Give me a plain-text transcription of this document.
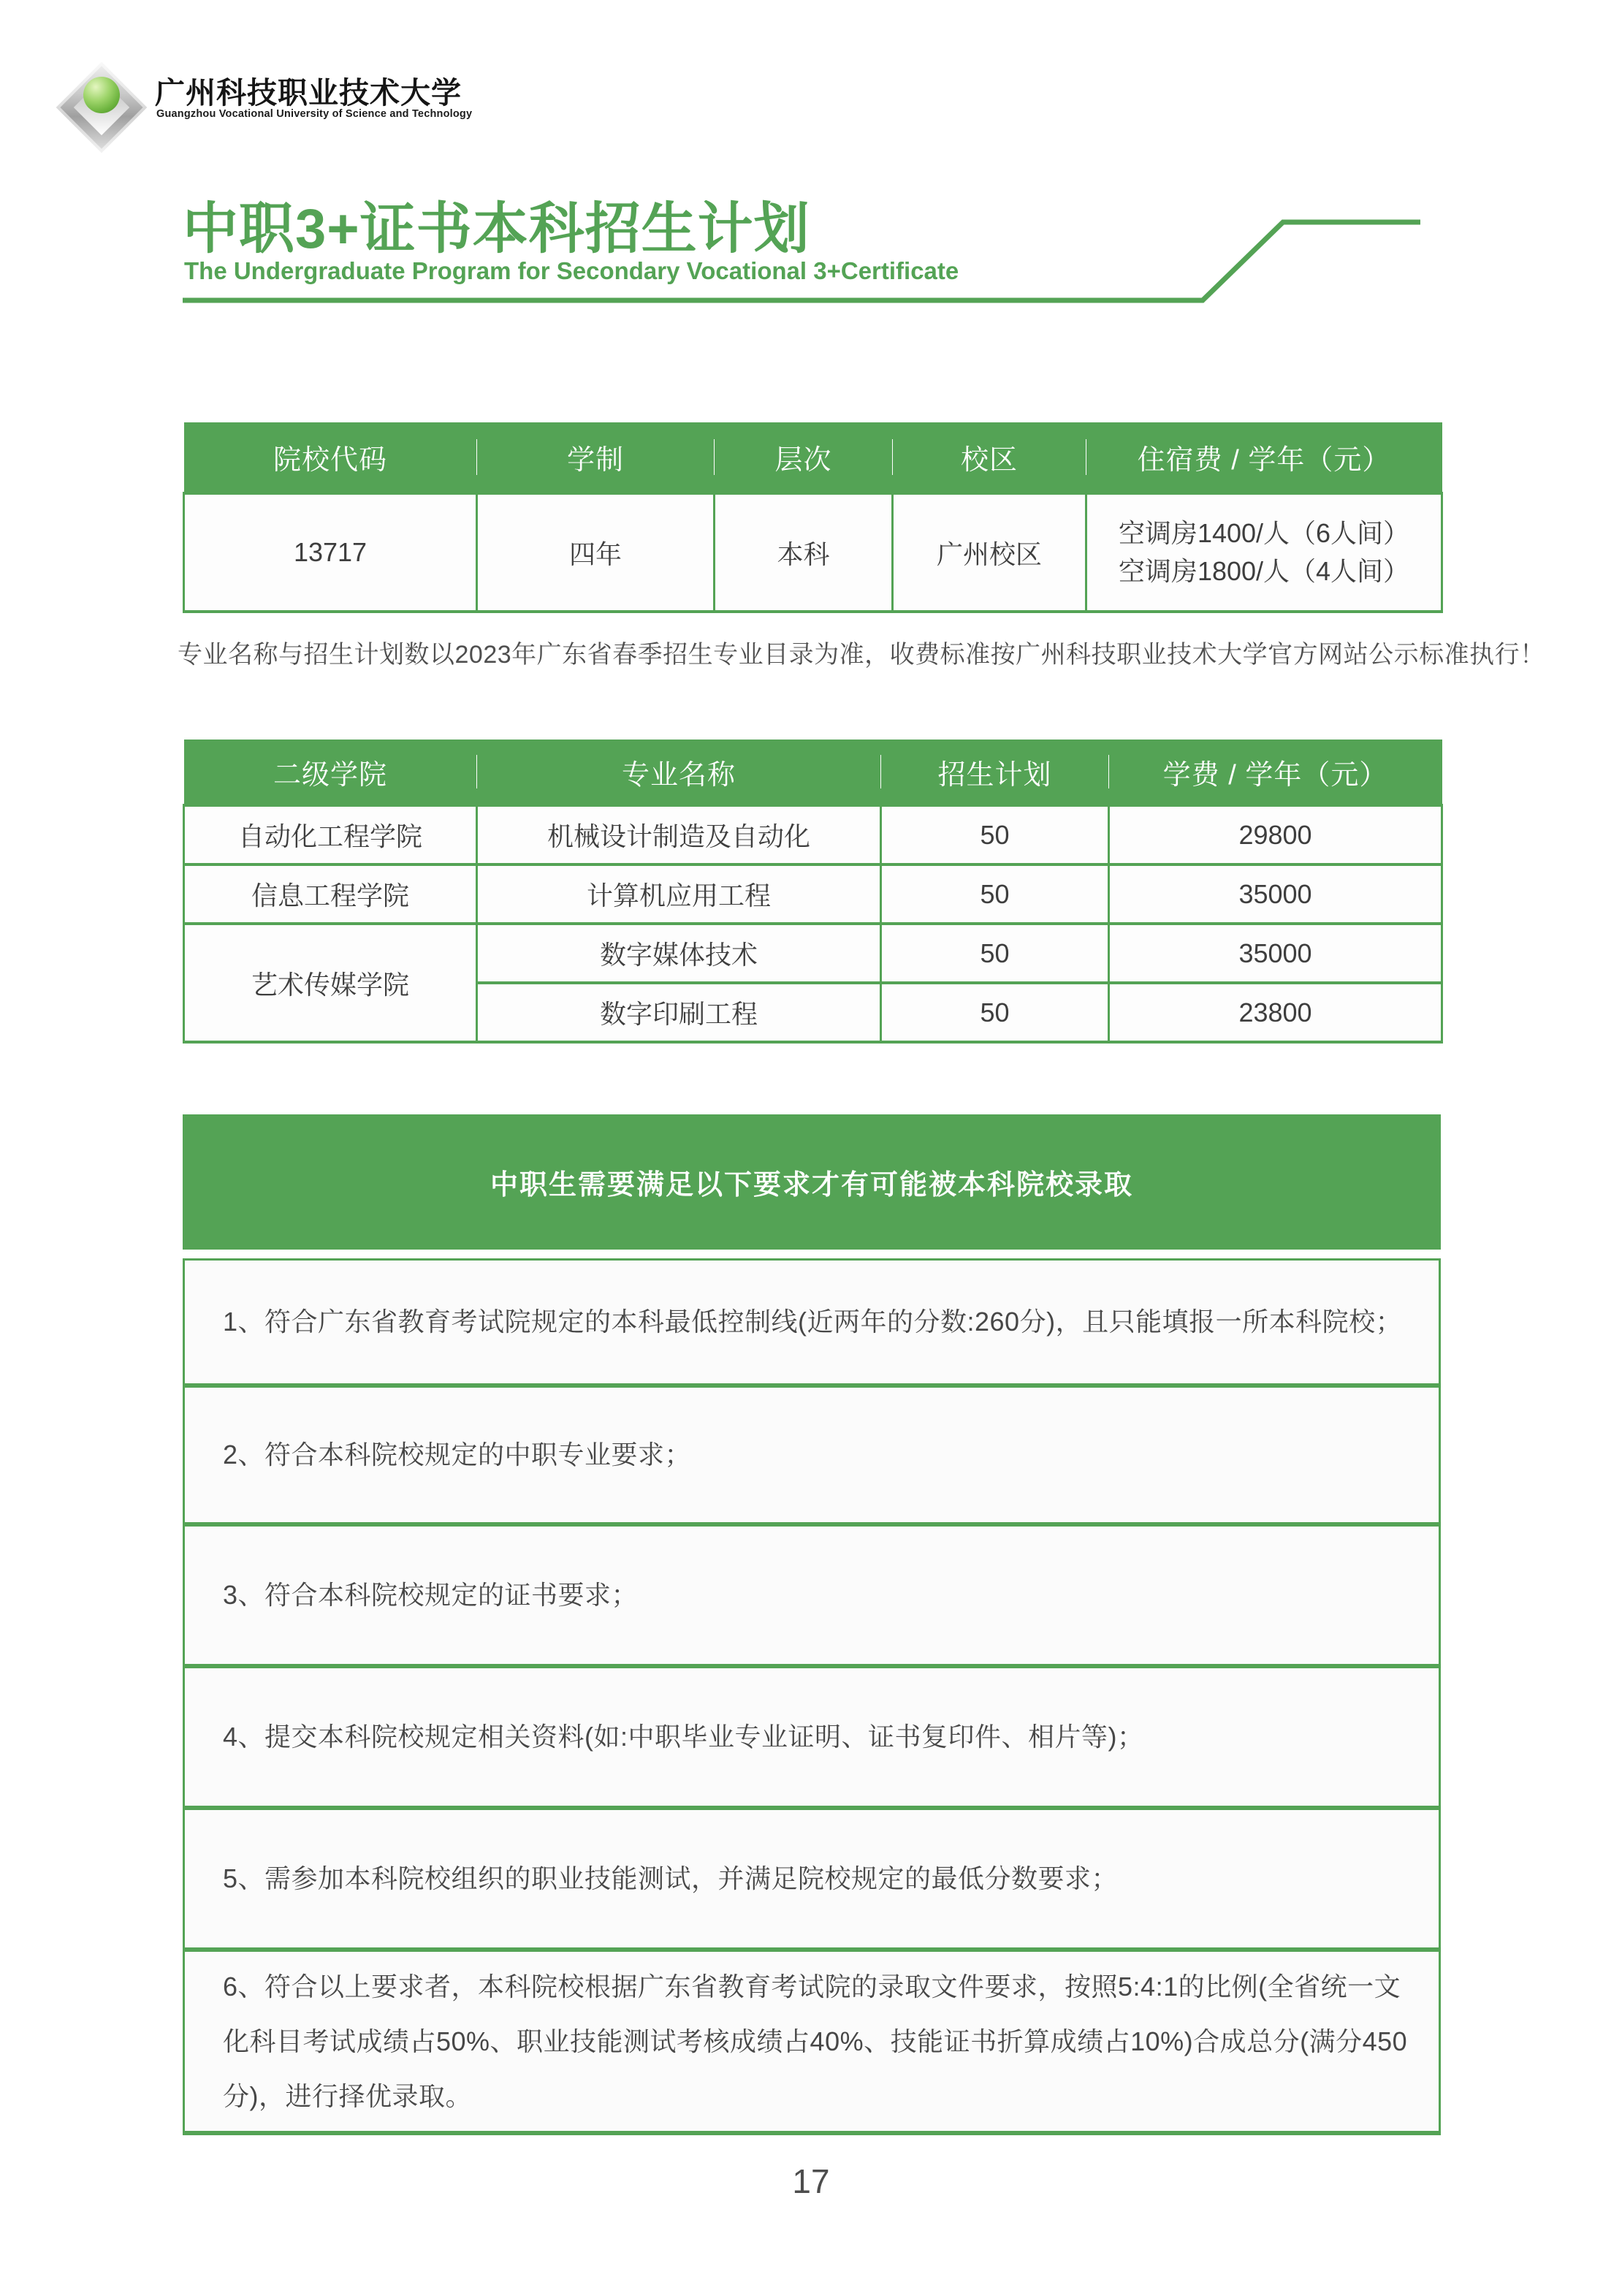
广州科技职业技术大学
Guangzhou Vocational University of Science and Technology
中职3+证书本科招生计划
The Undergraduate Program for Secondary Vocational 3+Certificate
院校代码	学制	层次	校区	住宿费 / 学年（元）
13717	四年	本科	广州校区	空调房1400/人（6人间）
空调房1800/人（4人间）
专业名称与招生计划数以2023年广东省春季招生专业目录为准，收费标准按广州科技职业技术大学官方网站公示标准执行！
二级学院	专业名称	招生计划	学费 / 学年（元）
自动化工程学院	机械设计制造及自动化	50	29800
信息工程学院	计算机应用工程	50	35000
艺术传媒学院	数字媒体技术	50	35000
	数字印刷工程	50	23800
中职生需要满足以下要求才有可能被本科院校录取
1、符合广东省教育考试院规定的本科最低控制线(近两年的分数:260分)，且只能填报一所本科院校；
2、符合本科院校规定的中职专业要求；
3、符合本科院校规定的证书要求；
4、提交本科院校规定相关资料(如:中职毕业专业证明、证书复印件、相片等)；
5、需参加本科院校组织的职业技能测试，并满足院校规定的最低分数要求；
6、符合以上要求者，本科院校根据广东省教育考试院的录取文件要求，按照5:4:1的比例(全省统一文化科目考试成绩占50%、职业技能测试考核成绩占40%、技能证书折算成绩占10%)合成总分(满分450分)，进行择优录取。
17
